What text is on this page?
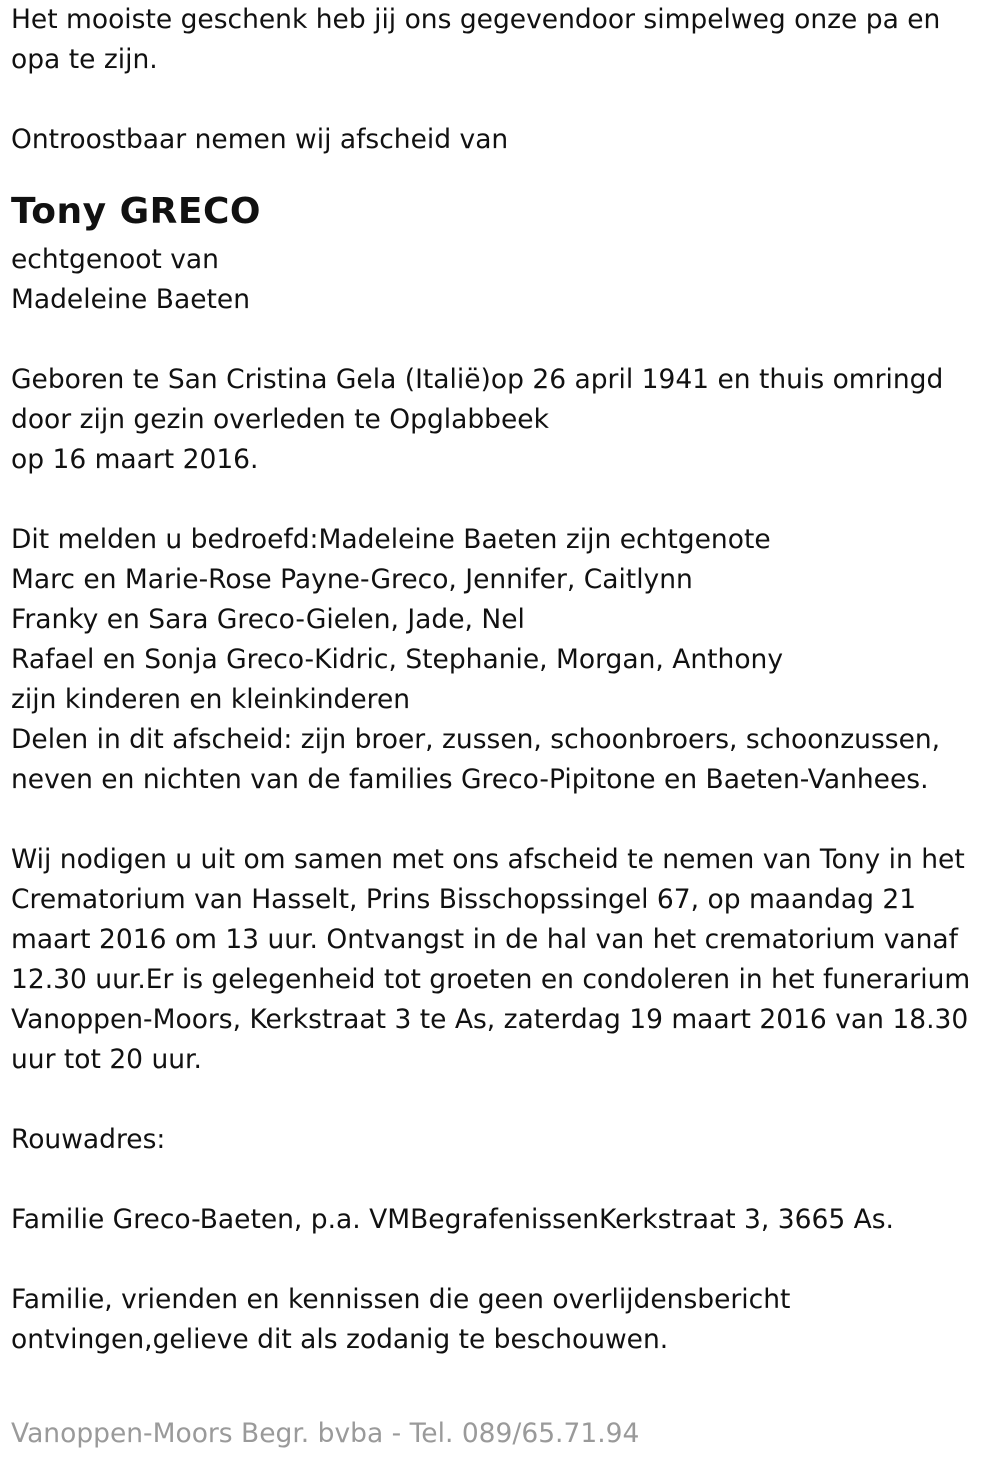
Het mooiste geschenk heb jij ons gegevendoor simpelweg onze pa en
opa te zijn.
Ontroostbaar nemen wij afscheid van
Tony GRECO
echtgenoot van
Madeleine Baeten
Geboren te San Cristina Gela (Italië)op 26 april 1941 en thuis omringd
door zijn gezin overleden te Opglabbeek
op 16 maart 2016.
Dit melden u bedroefd:Madeleine Baeten zijn echtgenote
Marc en Marie-Rose Payne-Greco, Jennifer, Caitlynn
Franky en Sara Greco-Gielen, Jade, Nel
Rafael en Sonja Greco-Kidric, Stephanie, Morgan, Anthony
zijn kinderen en kleinkinderen
Delen in dit afscheid: zijn broer, zussen, schoonbroers, schoonzussen,
neven en nichten van de families Greco-Pipitone en Baeten-Vanhees.
Wij nodigen u uit om samen met ons afscheid te nemen van Tony in het
Crematorium van Hasselt, Prins Bisschopssingel 67, op maandag 21
maart 2016 om 13 uur. Ontvangst in de hal van het crematorium vanaf
12.30 uur.Er is gelegenheid tot groeten en condoleren in het funerarium
Vanoppen-Moors, Kerkstraat 3 te As, zaterdag 19 maart 2016 van 18.30
uur tot 20 uur.
Rouwadres:
Familie Greco-Baeten, p.a. VMBegrafenissenKerkstraat 3, 3665 As.
Familie, vrienden en kennissen die geen overlijdensbericht
ontvingen,gelieve dit als zodanig te beschouwen.
Vanoppen-Moors Begr. bvba - Tel. 089/65.71.94
